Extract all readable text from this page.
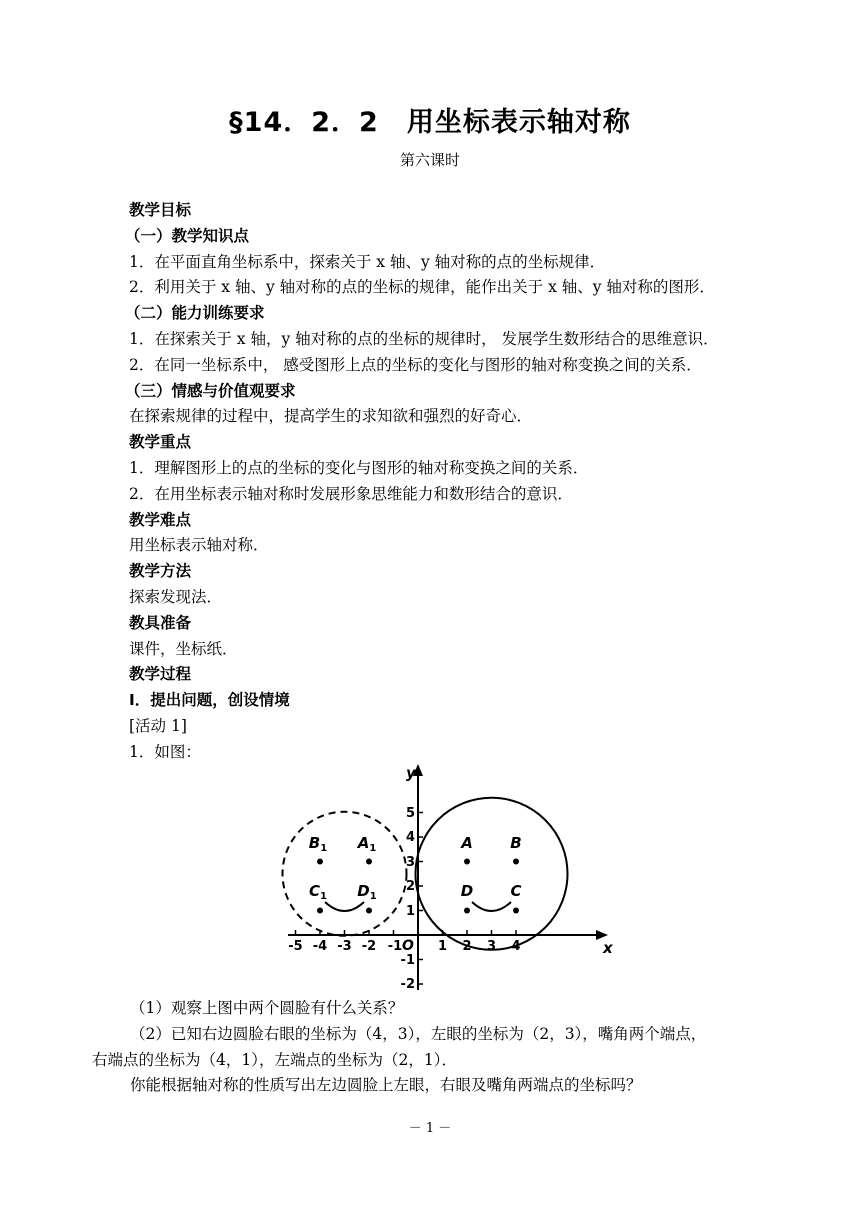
§14．2．2　用坐标表示轴对称
第六课时
教学目标
（一）教学知识点
1．在平面直角坐标系中，探索关于 x 轴、y 轴对称的点的坐标规律．
2．利用关于 x 轴、y 轴对称的点的坐标的规律，能作出关于 x 轴、y 轴对称的图形．
（二）能力训练要求
1．在探索关于 x 轴，y 轴对称的点的坐标的规律时， 发展学生数形结合的思维意识．
2．在同一坐标系中， 感受图形上点的坐标的变化与图形的轴对称变换之间的关系．
（三）情感与价值观要求
在探索规律的过程中，提高学生的求知欲和强烈的好奇心．
教学重点
1．理解图形上的点的坐标的变化与图形的轴对称变换之间的关系．
2．在用坐标表示轴对称时发展形象思维能力和数形结合的意识．
教学难点
用坐标表示轴对称．
教学方法
探索发现法．
教具准备
课件，坐标纸．
教学过程
Ⅰ．提出问题，创设情境
[活动 1]
1．如图：
-5 -4 -3 -2 -1	1 2 3 4
5
4
3
2
1
-1
-2
O	x
y
A B
D C
$B_1$ $A_1$
$C_1$ $D_1$
（1）观察上图中两个圆脸有什么关系？
（2）已知右边圆脸右眼的坐标为（4，3），左眼的坐标为（2，3），嘴角两个端点，
右端点的坐标为（4，1），左端点的坐标为（2，1）．
你能根据轴对称的性质写出左边圆脸上左眼，右眼及嘴角两端点的坐标吗？
－ 1 －
